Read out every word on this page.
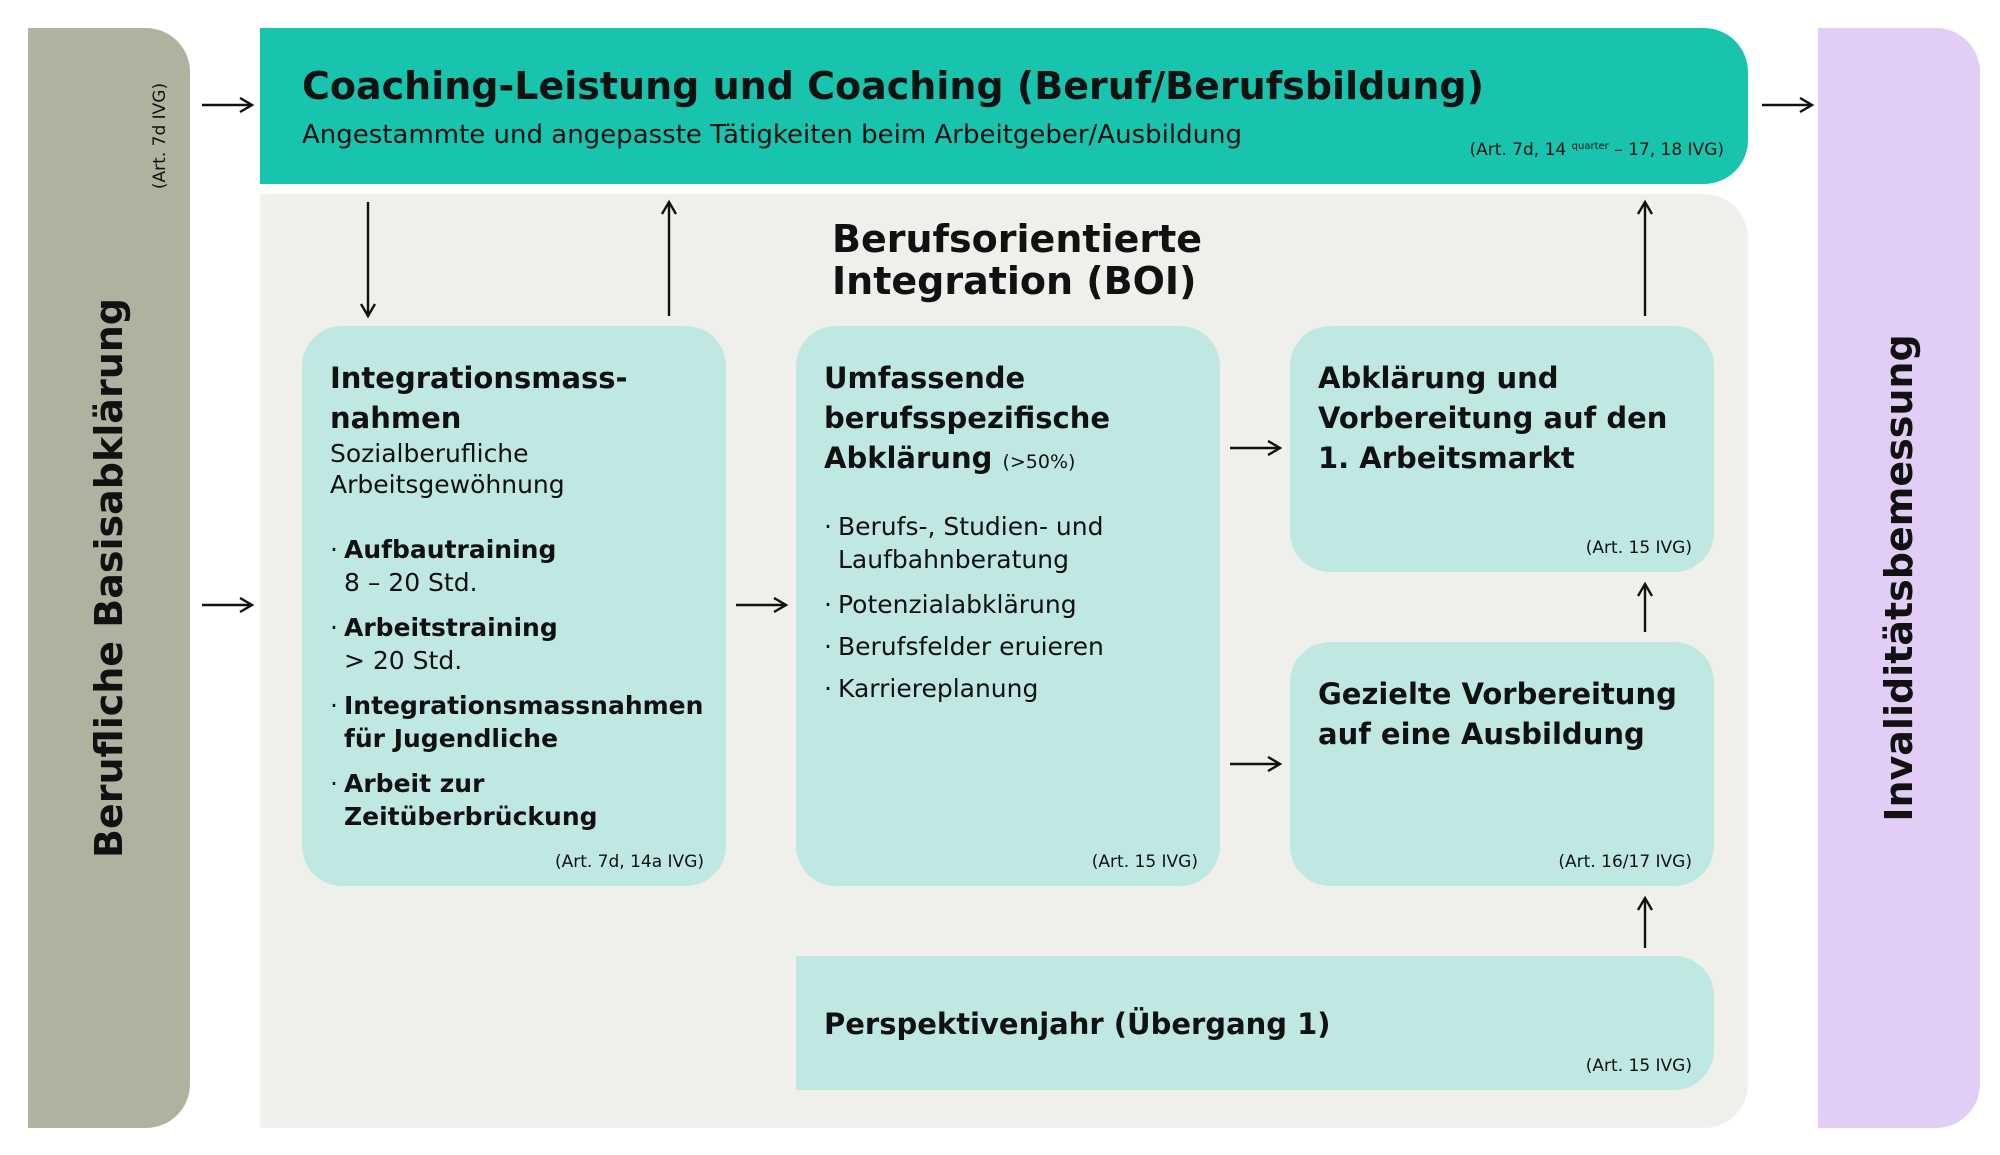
Berufliche Basisabklärung
(Art. 7d IVG)
Invaliditätsbemessung
Coaching-Leistung und Coaching (Beruf/Berufsbildung)
Angestammte und angepasste Tätigkeiten beim Arbeitgeber/Ausbildung	(Art. 7d, 14 $^{quarter}$ – 17, 18 IVG)
Berufsorientierte
Integration (BOI)
Integrationsmass-
nahmen
Sozialberufliche
Arbeitsgewöhnung
· Aufbautraining
8 – 20 Std.
· Arbeitstraining
> 20 Std.
· Integrationsmassnahmen
für Jugendliche
· Arbeit zur
Zeitüberbrückung
(Art. 7d, 14a IVG)
Umfassende
berufsspezifische
Abklärung (>50%)
· Berufs-, Studien- und
Laufbahnberatung
· Potenzialabklärung
· Berufsfelder eruieren
· Karriereplanung
(Art. 15 IVG)
Abklärung und
Vorbereitung auf den
1. Arbeitsmarkt
(Art. 15 IVG)
Gezielte Vorbereitung
auf eine Ausbildung
(Art. 16/17 IVG)
Perspektivenjahr (Übergang 1)
(Art. 15 IVG)
